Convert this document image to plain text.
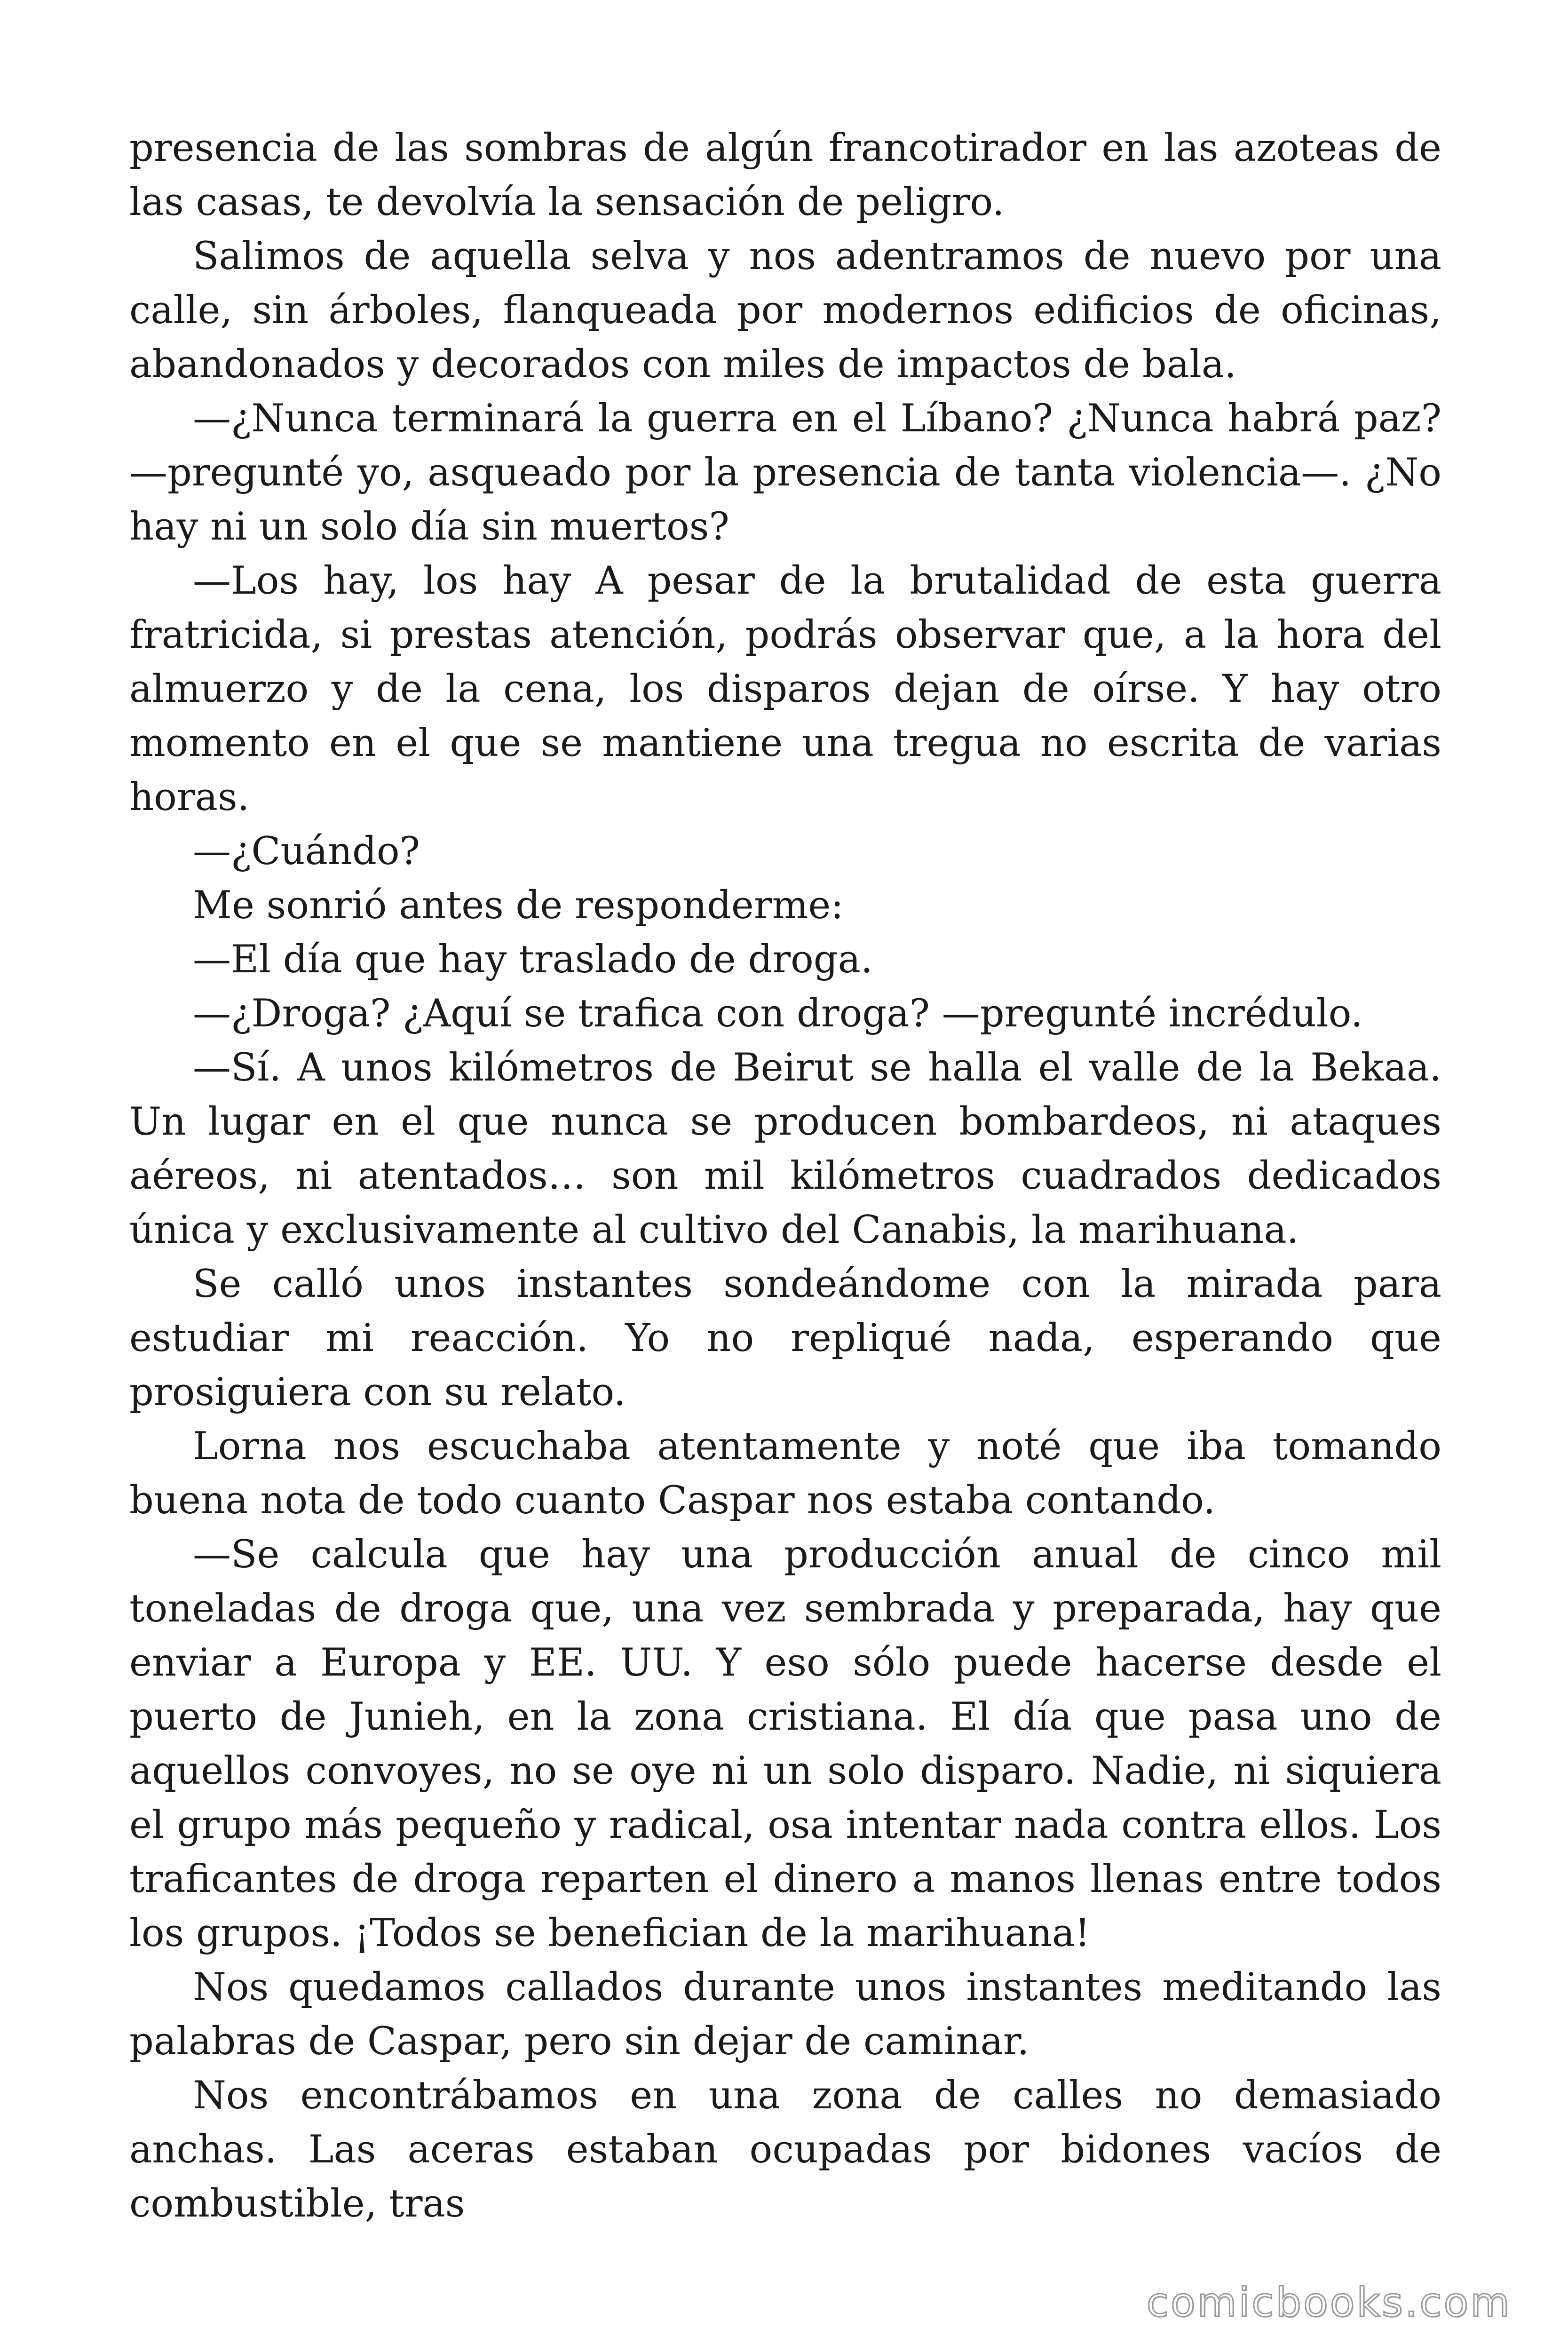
presencia de las sombras de algún francotirador en las azoteas de las casas, te devolvía la sensación de peligro.

Salimos de aquella selva y nos adentramos de nuevo por una calle, sin árboles, flanqueada por modernos edificios de oficinas, abandonados y decorados con miles de impactos de bala.

—¿Nunca terminará la guerra en el Líbano? ¿Nunca habrá paz? —pregunté yo, asqueado por la presencia de tanta violencia—. ¿No hay ni un solo día sin muertos?

—Los hay, los hay A pesar de la brutalidad de esta guerra fratricida, si prestas atención, podrás observar que, a la hora del almuerzo y de la cena, los disparos dejan de oírse. Y hay otro momento en el que se mantiene una tregua no escrita de varias horas.

—¿Cuándo?

Me sonrió antes de responderme:

—El día que hay traslado de droga.

—¿Droga? ¿Aquí se trafica con droga? —pregunté incrédulo.

—Sí. A unos kilómetros de Beirut se halla el valle de la Bekaa. Un lugar en el que nunca se producen bombardeos, ni ataques aéreos, ni atentados… son mil kilómetros cuadrados dedicados única y exclusivamente al cultivo del Canabis, la marihuana.

Se calló unos instantes sondeándome con la mirada para estudiar mi reacción. Yo no repliqué nada, esperando que prosiguiera con su relato.

Lorna nos escuchaba atentamente y noté que iba tomando buena nota de todo cuanto Caspar nos estaba contando.

—Se calcula que hay una producción anual de cinco mil toneladas de droga que, una vez sembrada y preparada, hay que enviar a Europa y EE. UU. Y eso sólo puede hacerse desde el puerto de Junieh, en la zona cristiana. El día que pasa uno de aquellos convoyes, no se oye ni un solo disparo. Nadie, ni siquiera el grupo más pequeño y radical, osa intentar nada contra ellos. Los traficantes de droga reparten el dinero a manos llenas entre todos los grupos. ¡Todos se benefician de la marihuana!

Nos quedamos callados durante unos instantes meditando las palabras de Caspar, pero sin dejar de caminar.

Nos encontrábamos en una zona de calles no demasiado anchas. Las aceras estaban ocupadas por bidones vacíos de combustible, tras

comicbooks.com
